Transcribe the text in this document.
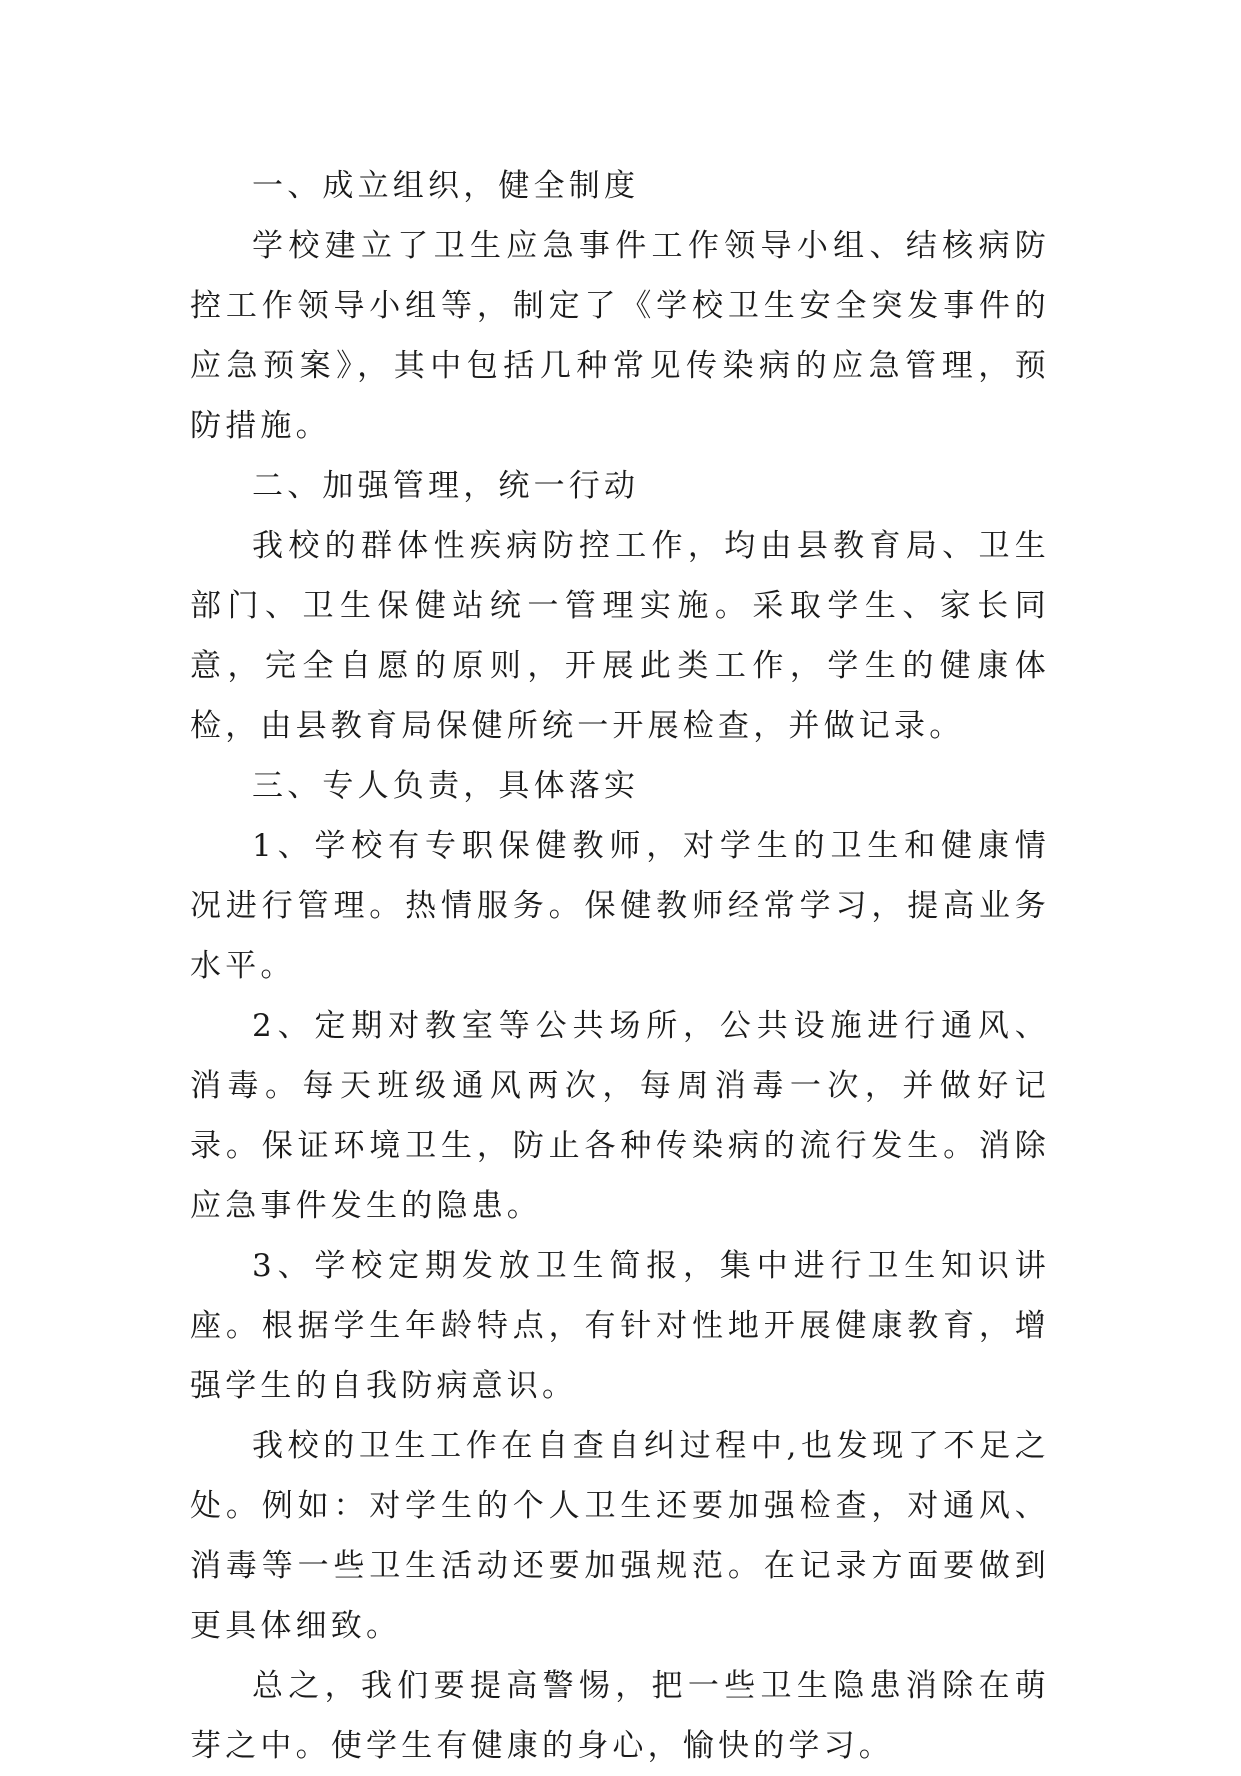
一、成立组织，健全制度

学校建立了卫生应急事件工作领导小组、结核病防控工作领导小组等，制定了《学校卫生安全突发事件的应急预案》，其中包括几种常见传染病的应急管理，预防措施。

二、加强管理，统一行动

我校的群体性疾病防控工作，均由县教育局、卫生部门、卫生保健站统一管理实施。采取学生、家长同意，完全自愿的原则，开展此类工作，学生的健康体检，由县教育局保健所统一开展检查，并做记录。

三、专人负责，具体落实

1、学校有专职保健教师，对学生的卫生和健康情况进行管理。热情服务。保健教师经常学习，提高业务水平。

2、定期对教室等公共场所，公共设施进行通风、消毒。每天班级通风两次，每周消毒一次，并做好记录。保证环境卫生，防止各种传染病的流行发生。消除应急事件发生的隐患。

3、学校定期发放卫生简报，集中进行卫生知识讲座。根据学生年龄特点，有针对性地开展健康教育，增强学生的自我防病意识。

我校的卫生工作在自查自纠过程中,也发现了不足之处。例如：对学生的个人卫生还要加强检查，对通风、消毒等一些卫生活动还要加强规范。在记录方面要做到更具体细致。

总之，我们要提高警惕，把一些卫生隐患消除在萌芽之中。使学生有健康的身心，愉快的学习。
